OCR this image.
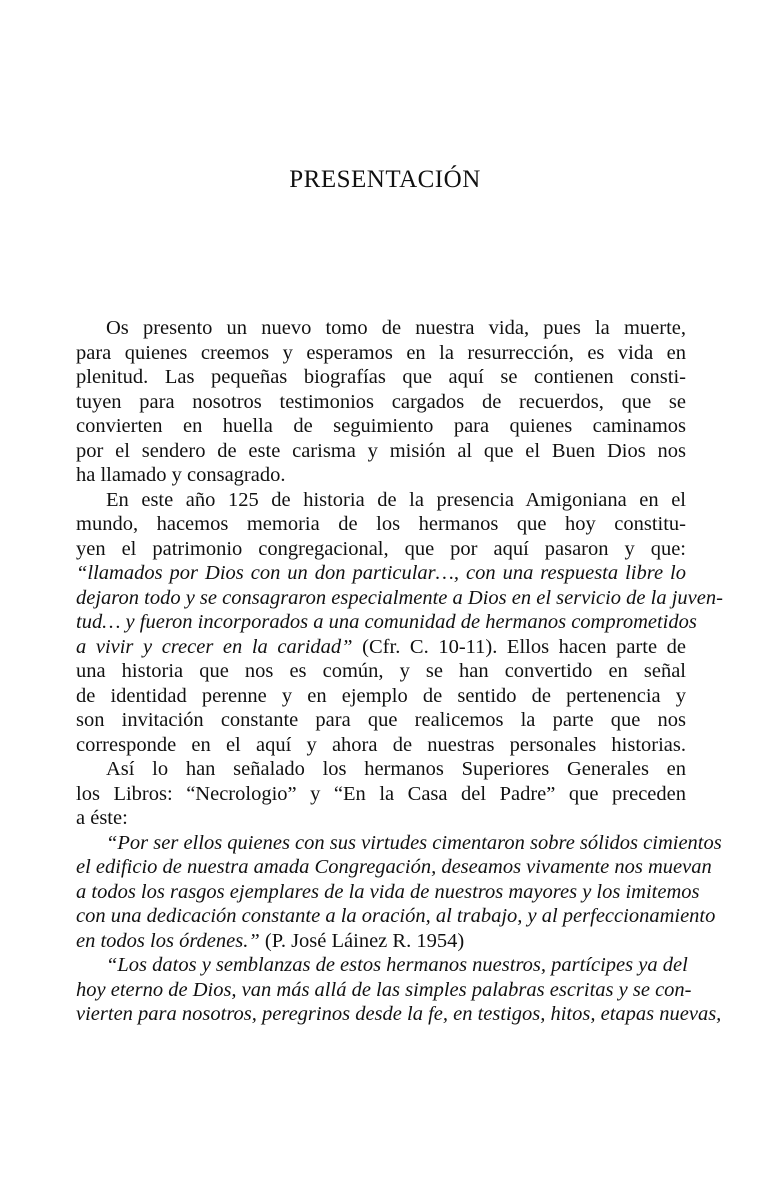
PRESENTACIÓN
Os presento un nuevo tomo de nuestra vida, pues la muerte,
para quienes creemos y esperamos en la resurrección, es vida en
plenitud. Las pequeñas biografías que aquí se contienen consti-
tuyen para nosotros testimonios cargados de recuerdos, que se
convierten en huella de seguimiento para quienes caminamos
por el sendero de este carisma y misión al que el Buen Dios nos
ha llamado y consagrado.
En este año 125 de historia de la presencia Amigoniana en el
mundo, hacemos memoria de los hermanos que hoy constitu-
yen el patrimonio congregacional, que por aquí pasaron y que:
“llamados por Dios con un don particular…, con una respuesta libre lo
dejaron todo y se consagraron especialmente a Dios en el servicio de la juven-
tud… y fueron incorporados a una comunidad de hermanos comprometidos
a vivir y crecer en la caridad” (Cfr. C. 10-11). Ellos hacen parte de
una historia que nos es común, y se han convertido en señal
de identidad perenne y en ejemplo de sentido de pertenencia y
son invitación constante para que realicemos la parte que nos
corresponde en el aquí y ahora de nuestras personales historias.
Así lo han señalado los hermanos Superiores Generales en
los Libros: “Necrologio” y “En la Casa del Padre” que preceden
a éste:
“Por ser ellos quienes con sus virtudes cimentaron sobre sólidos cimientos
el edificio de nuestra amada Congregación, deseamos vivamente nos muevan
a todos los rasgos ejemplares de la vida de nuestros mayores y los imitemos
con una dedicación constante a la oración, al trabajo, y al perfeccionamiento
en todos los órdenes.” (P. José Láinez R. 1954)
“Los datos y semblanzas de estos hermanos nuestros, partícipes ya del
hoy eterno de Dios, van más allá de las simples palabras escritas y se con-
vierten para nosotros, peregrinos desde la fe, en testigos, hitos, etapas nuevas,
